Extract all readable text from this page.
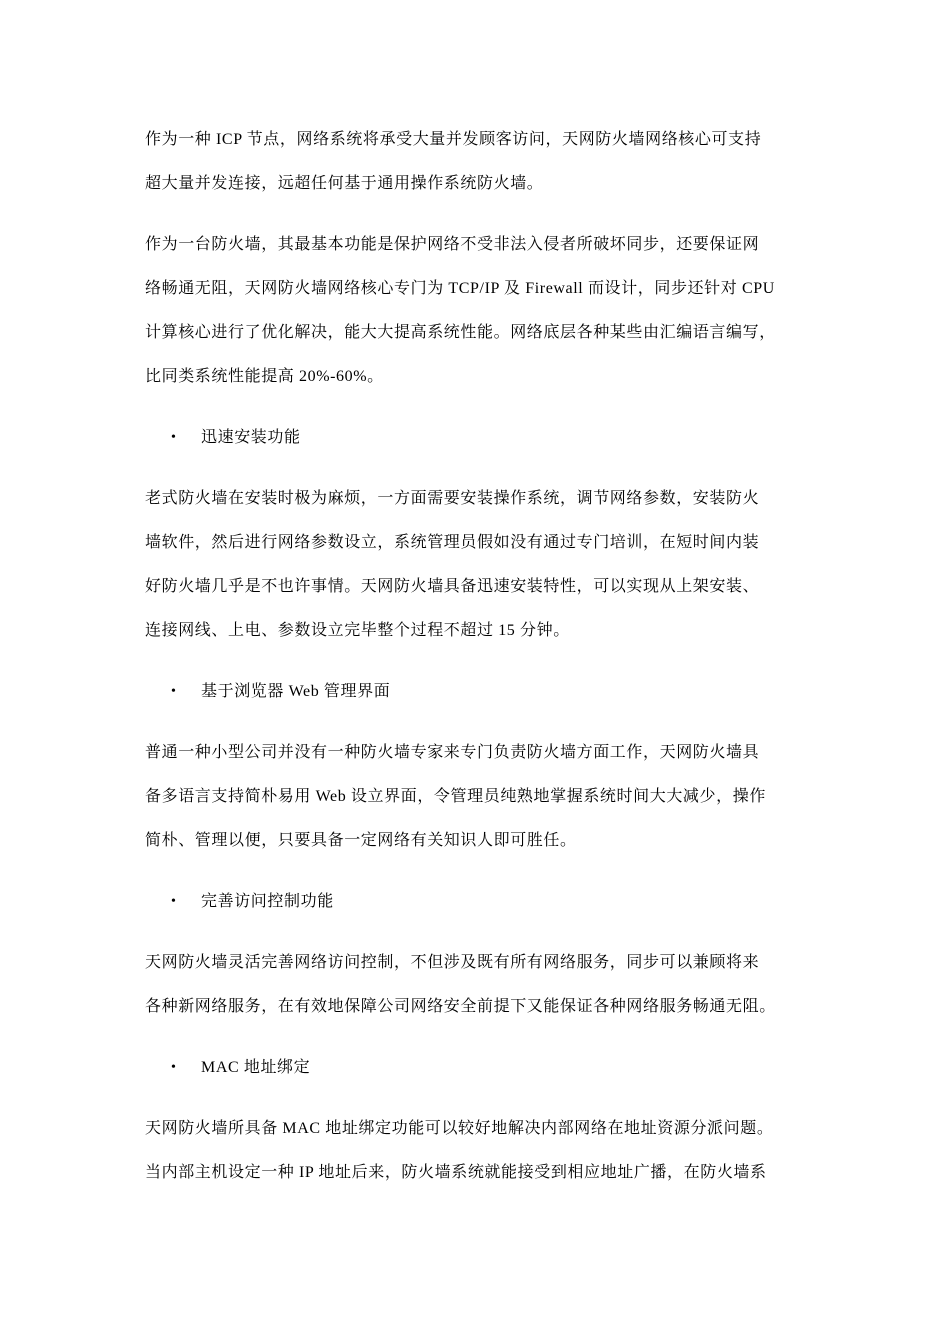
作为一种 ICP 节点，网络系统将承受大量并发顾客访问，天网防火墙网络核心可支持
超大量并发连接，远超任何基于通用操作系统防火墙。
作为一台防火墙，其最基本功能是保护网络不受非法入侵者所破坏同步，还要保证网
络畅通无阻，天网防火墙网络核心专门为 TCP/IP 及 Firewall 而设计，同步还针对 CPU
计算核心进行了优化解决，能大大提高系统性能。网络底层各种某些由汇编语言编写，
比同类系统性能提高 20%-60%。
• 迅速安装功能
老式防火墙在安装时极为麻烦，一方面需要安装操作系统，调节网络参数，安装防火
墙软件，然后进行网络参数设立，系统管理员假如没有通过专门培训，在短时间内装
好防火墙几乎是不也许事情。天网防火墙具备迅速安装特性，可以实现从上架安装、
连接网线、上电、参数设立完毕整个过程不超过 15 分钟。
• 基于浏览器 Web 管理界面
普通一种小型公司并没有一种防火墙专家来专门负责防火墙方面工作，天网防火墙具
备多语言支持简朴易用 Web 设立界面，令管理员纯熟地掌握系统时间大大减少，操作
简朴、管理以便，只要具备一定网络有关知识人即可胜任。
• 完善访问控制功能
天网防火墙灵活完善网络访问控制，不但涉及既有所有网络服务，同步可以兼顾将来
各种新网络服务，在有效地保障公司网络安全前提下又能保证各种网络服务畅通无阻。
• MAC 地址绑定
天网防火墙所具备 MAC 地址绑定功能可以较好地解决内部网络在地址资源分派问题。
当内部主机设定一种 IP 地址后来，防火墙系统就能接受到相应地址广播，在防火墙系
